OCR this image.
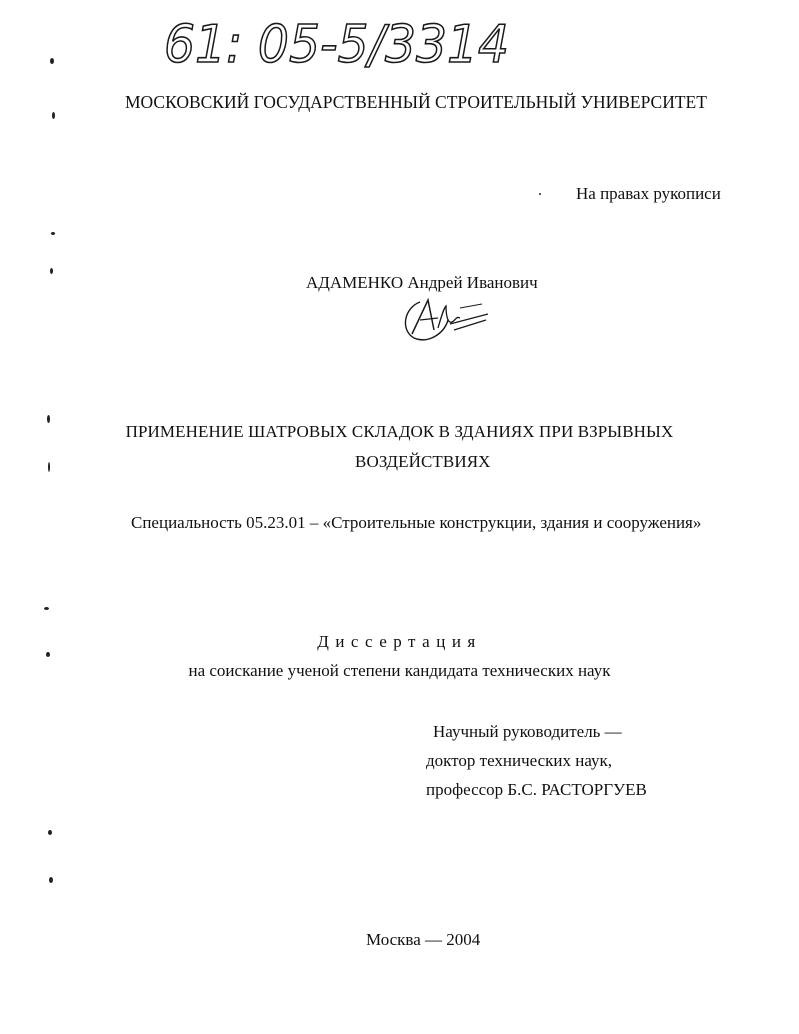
61: 05-5/3314
МОСКОВСКИЙ ГОСУДАРСТВЕННЫЙ СТРОИТЕЛЬНЫЙ УНИВЕРСИТЕТ
На правах рукописи
АДАМЕНКО Андрей Иванович
ПРИМЕНЕНИЕ ШАТРОВЫХ СКЛАДОК В ЗДАНИЯХ ПРИ ВЗРЫВНЫХ
ВОЗДЕЙСТВИЯХ
Специальность 05.23.01 – «Строительные конструкции, здания и сооружения»
Диссертация
на соискание ученой степени кандидата технических наук
Научный руководитель —
доктор технических наук,
профессор Б.С. РАСТОРГУЕВ
Москва — 2004
